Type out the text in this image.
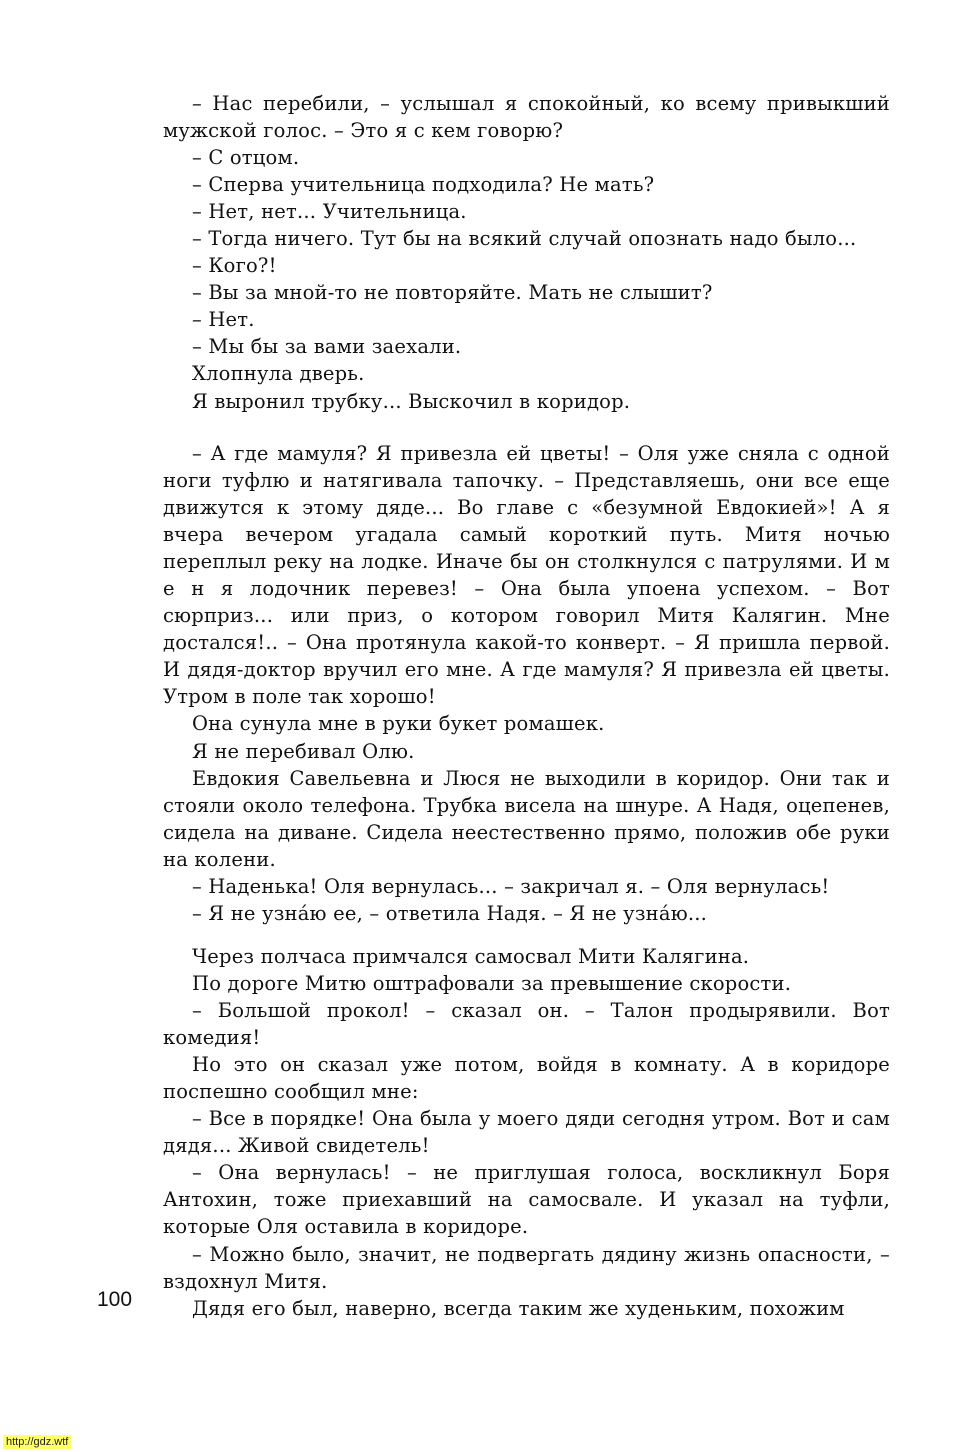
– Нас перебили, – услышал я спокойный, ко всему привыкший мужской голос. – Это я с кем говорю?

– С отцом.

– Сперва учительница подходила? Не мать?

– Нет, нет... Учительница.

– Тогда ничего. Тут бы на всякий случай опознать надо было...

– Кого?!

– Вы за мной-то не повторяйте. Мать не слышит?

– Нет.

– Мы бы за вами заехали.

Хлопнула дверь.

Я выронил трубку... Выскочил в коридор.

– А где мамуля? Я привезла ей цветы! – Оля уже сняла с одной ноги туфлю и натягивала тапочку. – Представляешь, они все еще движутся к этому дяде... Во главе с «безумной Евдокией»! А я вчера вечером угадала самый короткий путь. Митя ночью переплыл реку на лодке. Иначе бы он столкнулся с патрулями. И м е н я лодочник перевез! – Она была упоена успехом. – Вот сюрприз... или приз, о котором говорил Митя Калягин. Мне достался!.. – Она протянула какой-то конверт. – Я пришла первой. И дядя-доктор вручил его мне. А где мамуля? Я привезла ей цветы. Утром в поле так хорошо!

Она сунула мне в руки букет ромашек.

Я не перебивал Олю.

Евдокия Савельевна и Люся не выходили в коридор. Они так и стояли около телефона. Трубка висела на шнуре. А Надя, оцепенев, сидела на диване. Сидела неестественно прямо, положив обе руки на колени.

– Наденька! Оля вернулась... – закричал я. – Оля вернулась!

– Я не узна́ю ее, – ответила Надя. – Я не узна́ю...

Через полчаса примчался самосвал Мити Калягина.

По дороге Митю оштрафовали за превышение скорости.

– Большой прокол! – сказал он. – Талон продырявили. Вот комедия!

Но это он сказал уже потом, войдя в комнату. А в коридоре поспешно сообщил мне:

– Все в порядке! Она была у моего дяди сегодня утром. Вот и сам дядя... Живой свидетель!

– Она вернулась! – не приглушая голоса, воскликнул Боря Антохин, тоже приехавший на самосвале. И указал на туфли, которые Оля оставила в коридоре.

– Можно было, значит, не подвергать дядину жизнь опасности, – вздохнул Митя.

Дядя его был, наверно, всегда таким же худеньким, похожим

100
http://gdz.wtf
